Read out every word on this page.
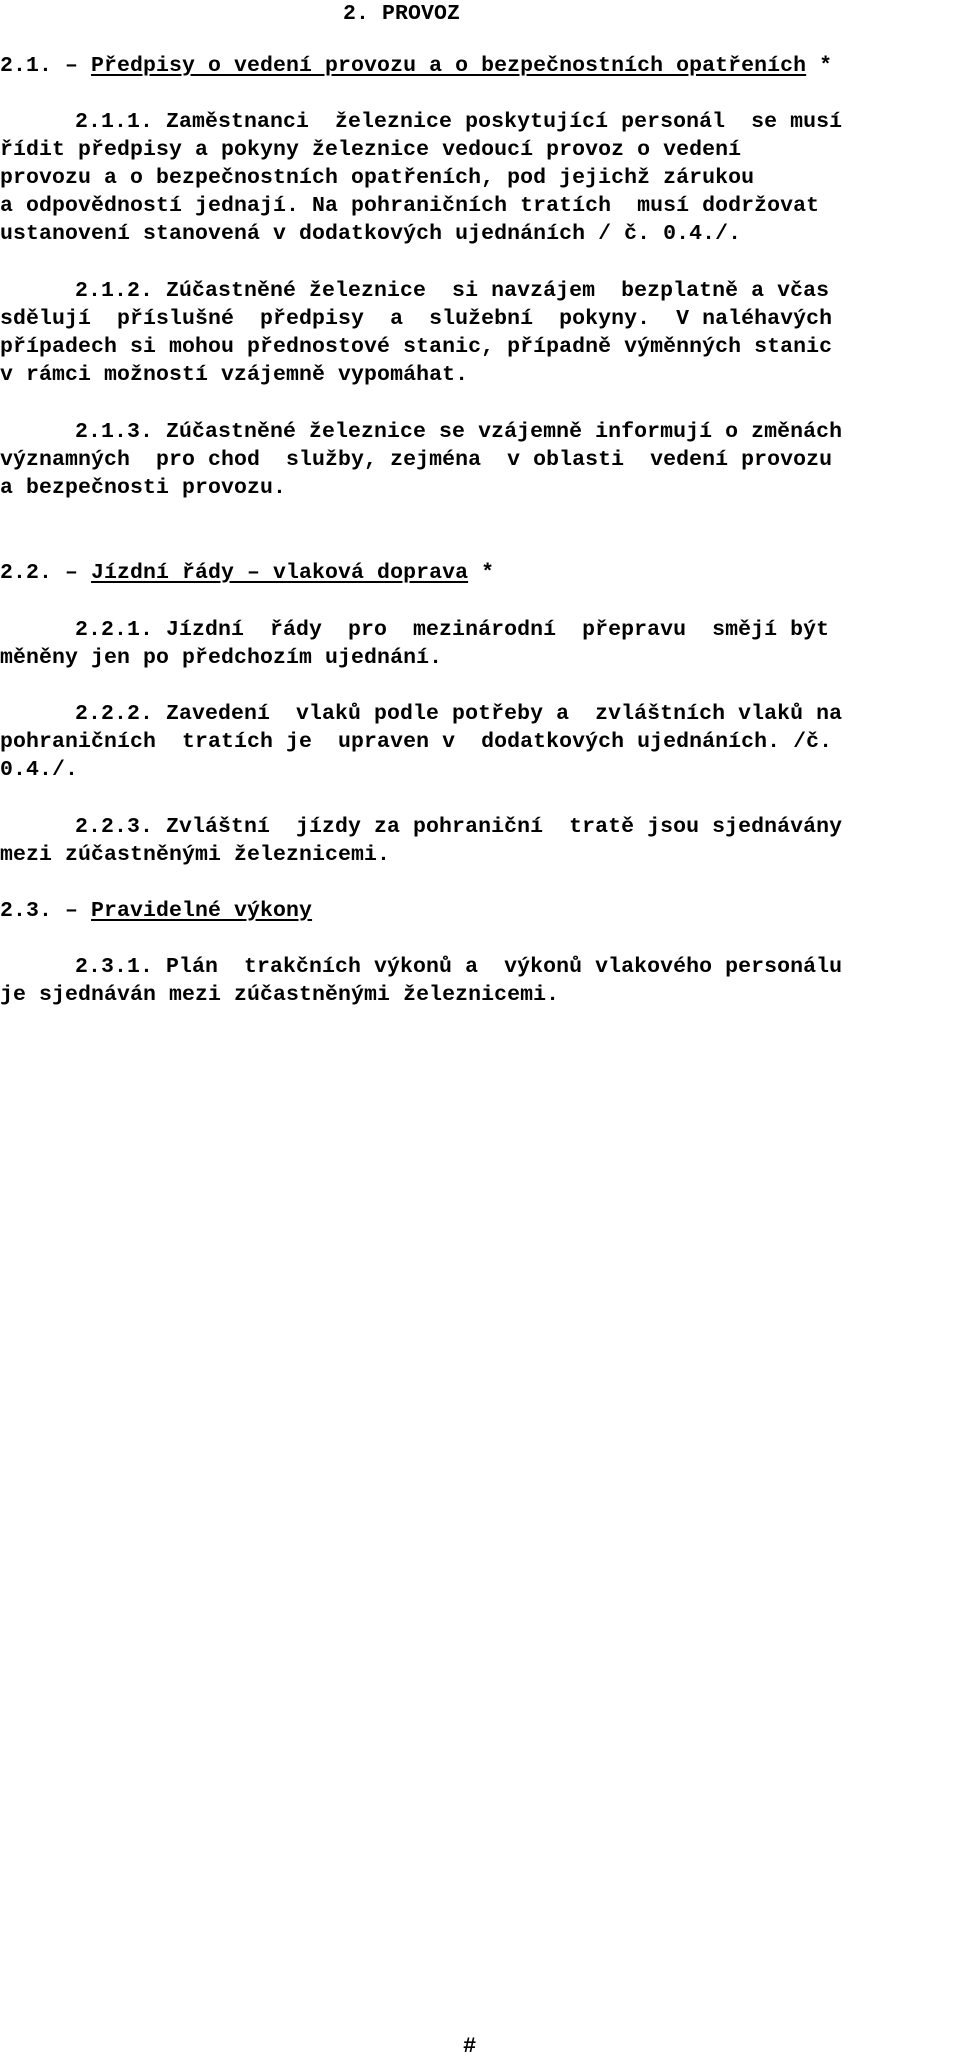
2. PROVOZ
2.1. – Předpisy o vedení provozu a o bezpečnostních opatřeních *
2.1.1. Zaměstnanci  železnice poskytující personál  se musí
řídit předpisy a pokyny železnice vedoucí provoz o vedení
provozu a o bezpečnostních opatřeních, pod jejichž zárukou
a odpovědností jednají. Na pohraničních tratích  musí dodržovat
ustanovení stanovená v dodatkových ujednáních / č. 0.4./.
2.1.2. Zúčastněné železnice  si navzájem  bezplatně a včas
sdělují  příslušné  předpisy  a  služební  pokyny.  V naléhavých
případech si mohou přednostové stanic, případně výměnných stanic
v rámci možností vzájemně vypomáhat.
2.1.3. Zúčastněné železnice se vzájemně informují o změnách
významných  pro chod  služby, zejména  v oblasti  vedení provozu
a bezpečnosti provozu.
2.2. – Jízdní řády – vlaková doprava *
2.2.1. Jízdní  řády  pro  mezinárodní  přepravu  smějí být
měněny jen po předchozím ujednání.
2.2.2. Zavedení  vlaků podle potřeby a  zvláštních vlaků na
pohraničních  tratích je  upraven v  dodatkových ujednáních. /č.
0.4./.
2.2.3. Zvláštní  jízdy za pohraniční  tratě jsou sjednávány
mezi zúčastněnými železnicemi.
2.3. – Pravidelné výkony
2.3.1. Plán  trakčních výkonů a  výkonů vlakového personálu
je sjednáván mezi zúčastněnými železnicemi.
#
